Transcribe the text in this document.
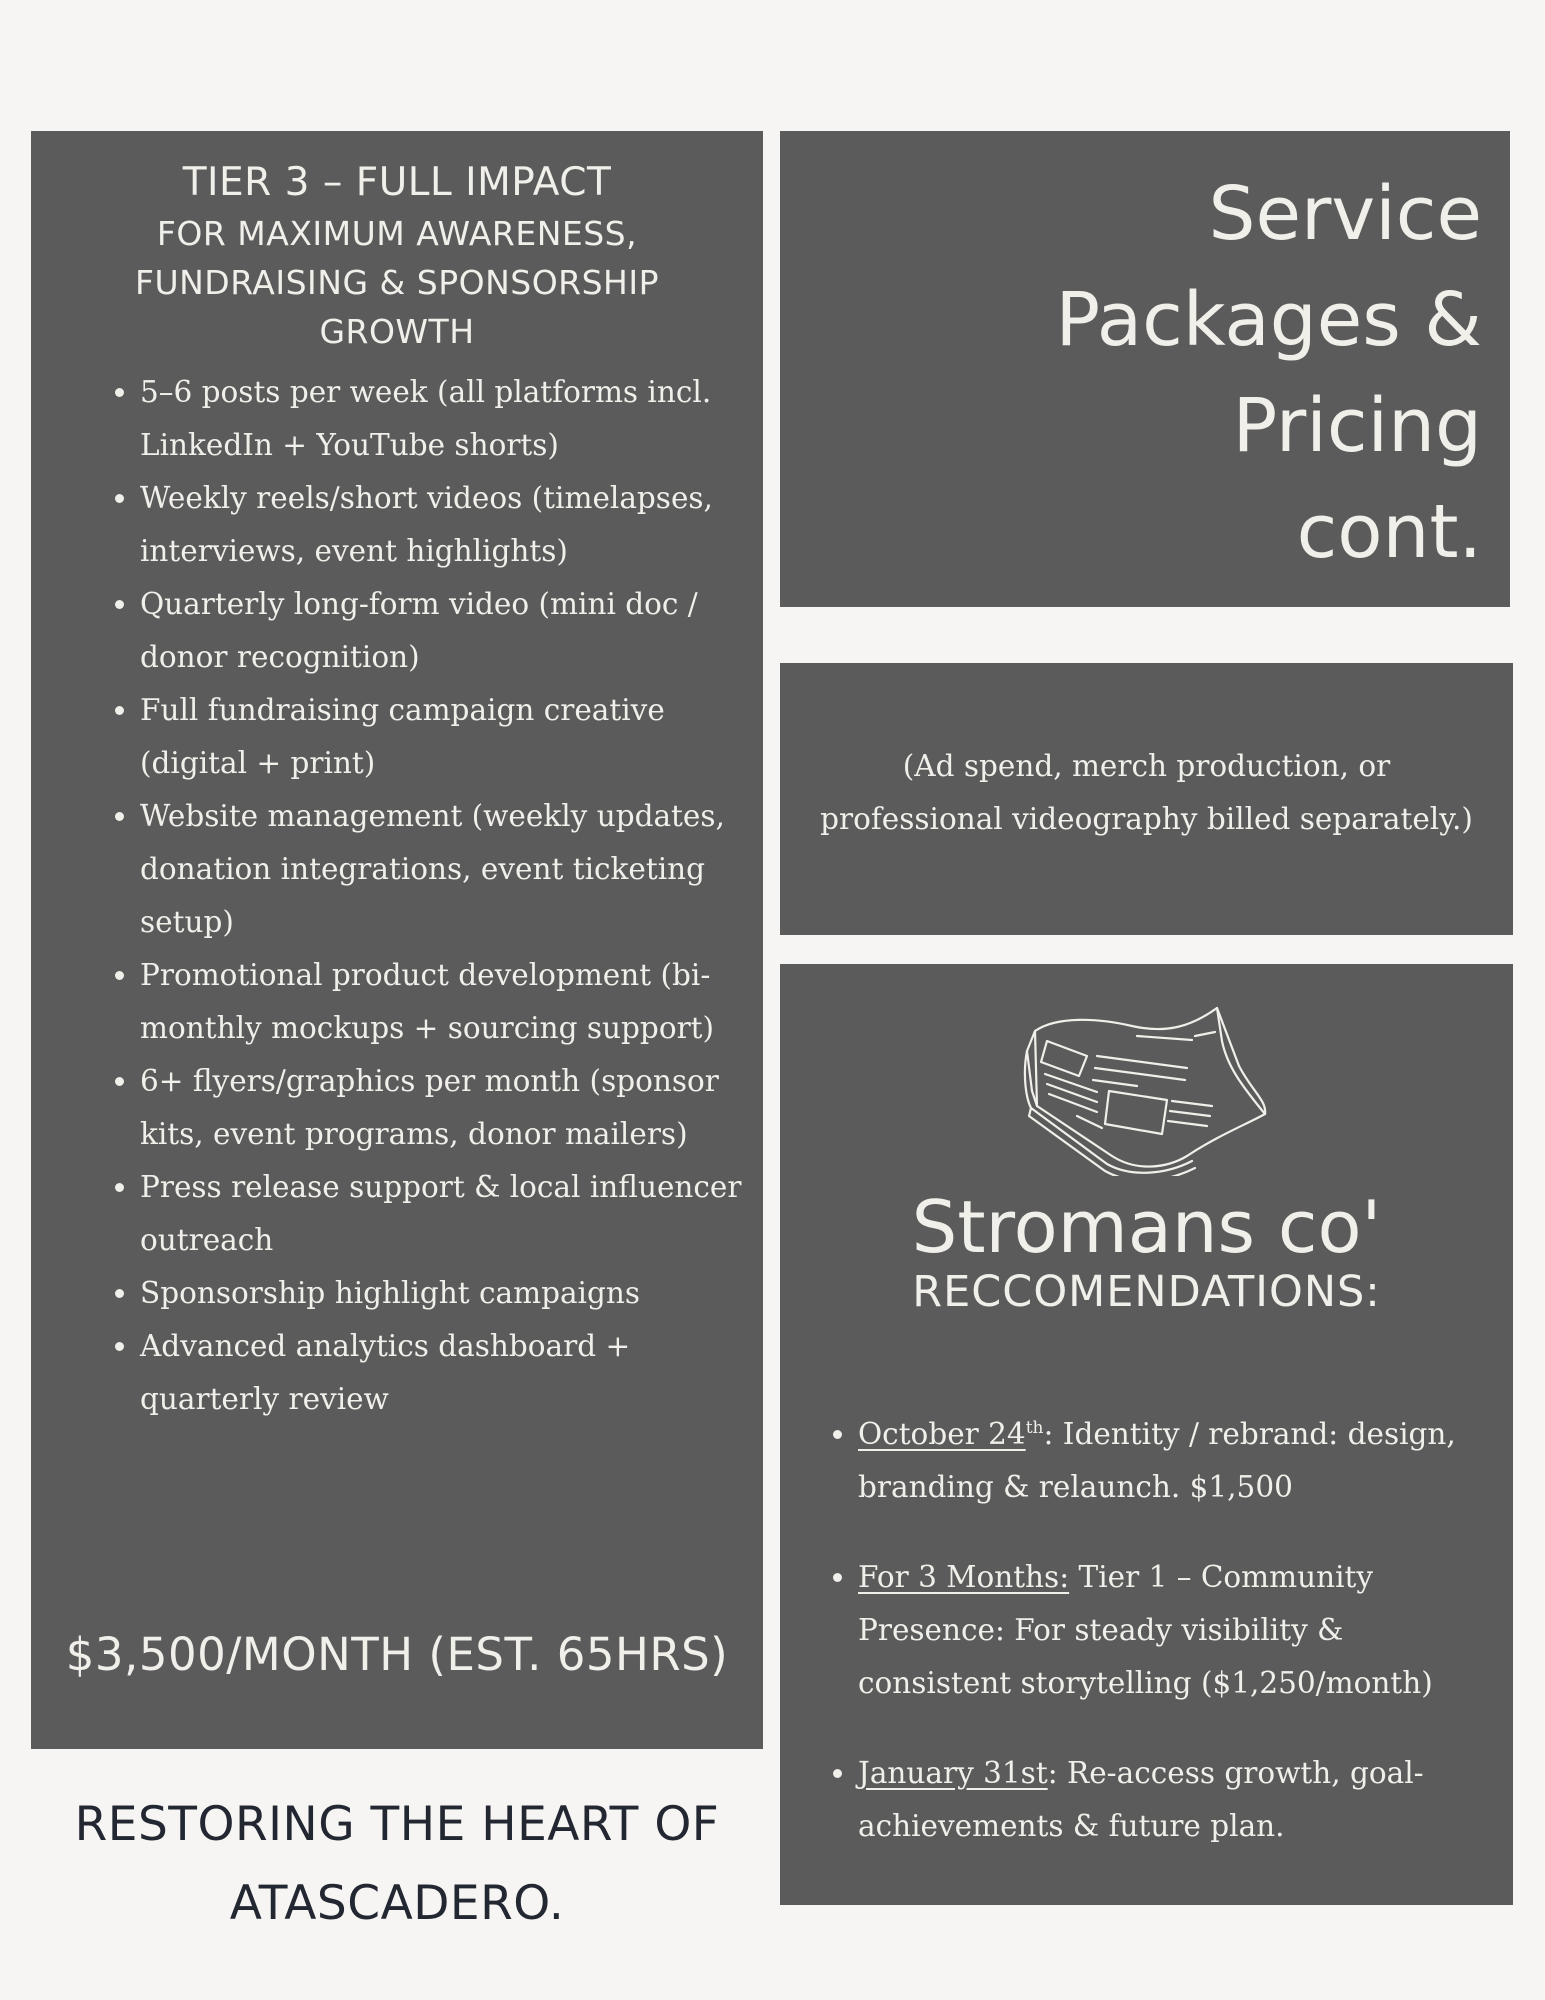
TIER 3 – FULL IMPACT
FOR MAXIMUM AWARENESS,
FUNDRAISING & SPONSORSHIP
GROWTH
• 5–6 posts per week (all platforms incl. LinkedIn + YouTube shorts)
• Weekly reels/short videos (timelapses, interviews, event highlights)
• Quarterly long-form video (mini doc / donor recognition)
• Full fundraising campaign creative (digital + print)
• Website management (weekly updates, donation integrations, event ticketing setup)
• Promotional product development (bi-monthly mockups + sourcing support)
• 6+ flyers/graphics per month (sponsor kits, event programs, donor mailers)
• Press release support & local influencer outreach
• Sponsorship highlight campaigns
• Advanced analytics dashboard + quarterly review
$3,500/MONTH (EST. 65HRS)
Service
Packages &
Pricing
cont.
(Ad spend, merch production, or professional videography billed separately.)
Stromans co'
RECCOMENDATIONS:
• October 24th: Identity / rebrand: design, branding & relaunch. $1,500
• For 3 Months: Tier 1 – Community Presence: For steady visibility & consistent storytelling ($1,250/month)
• January 31st: Re-access growth, goal-achievements & future plan.
RESTORING THE HEART OF
ATASCADERO.
